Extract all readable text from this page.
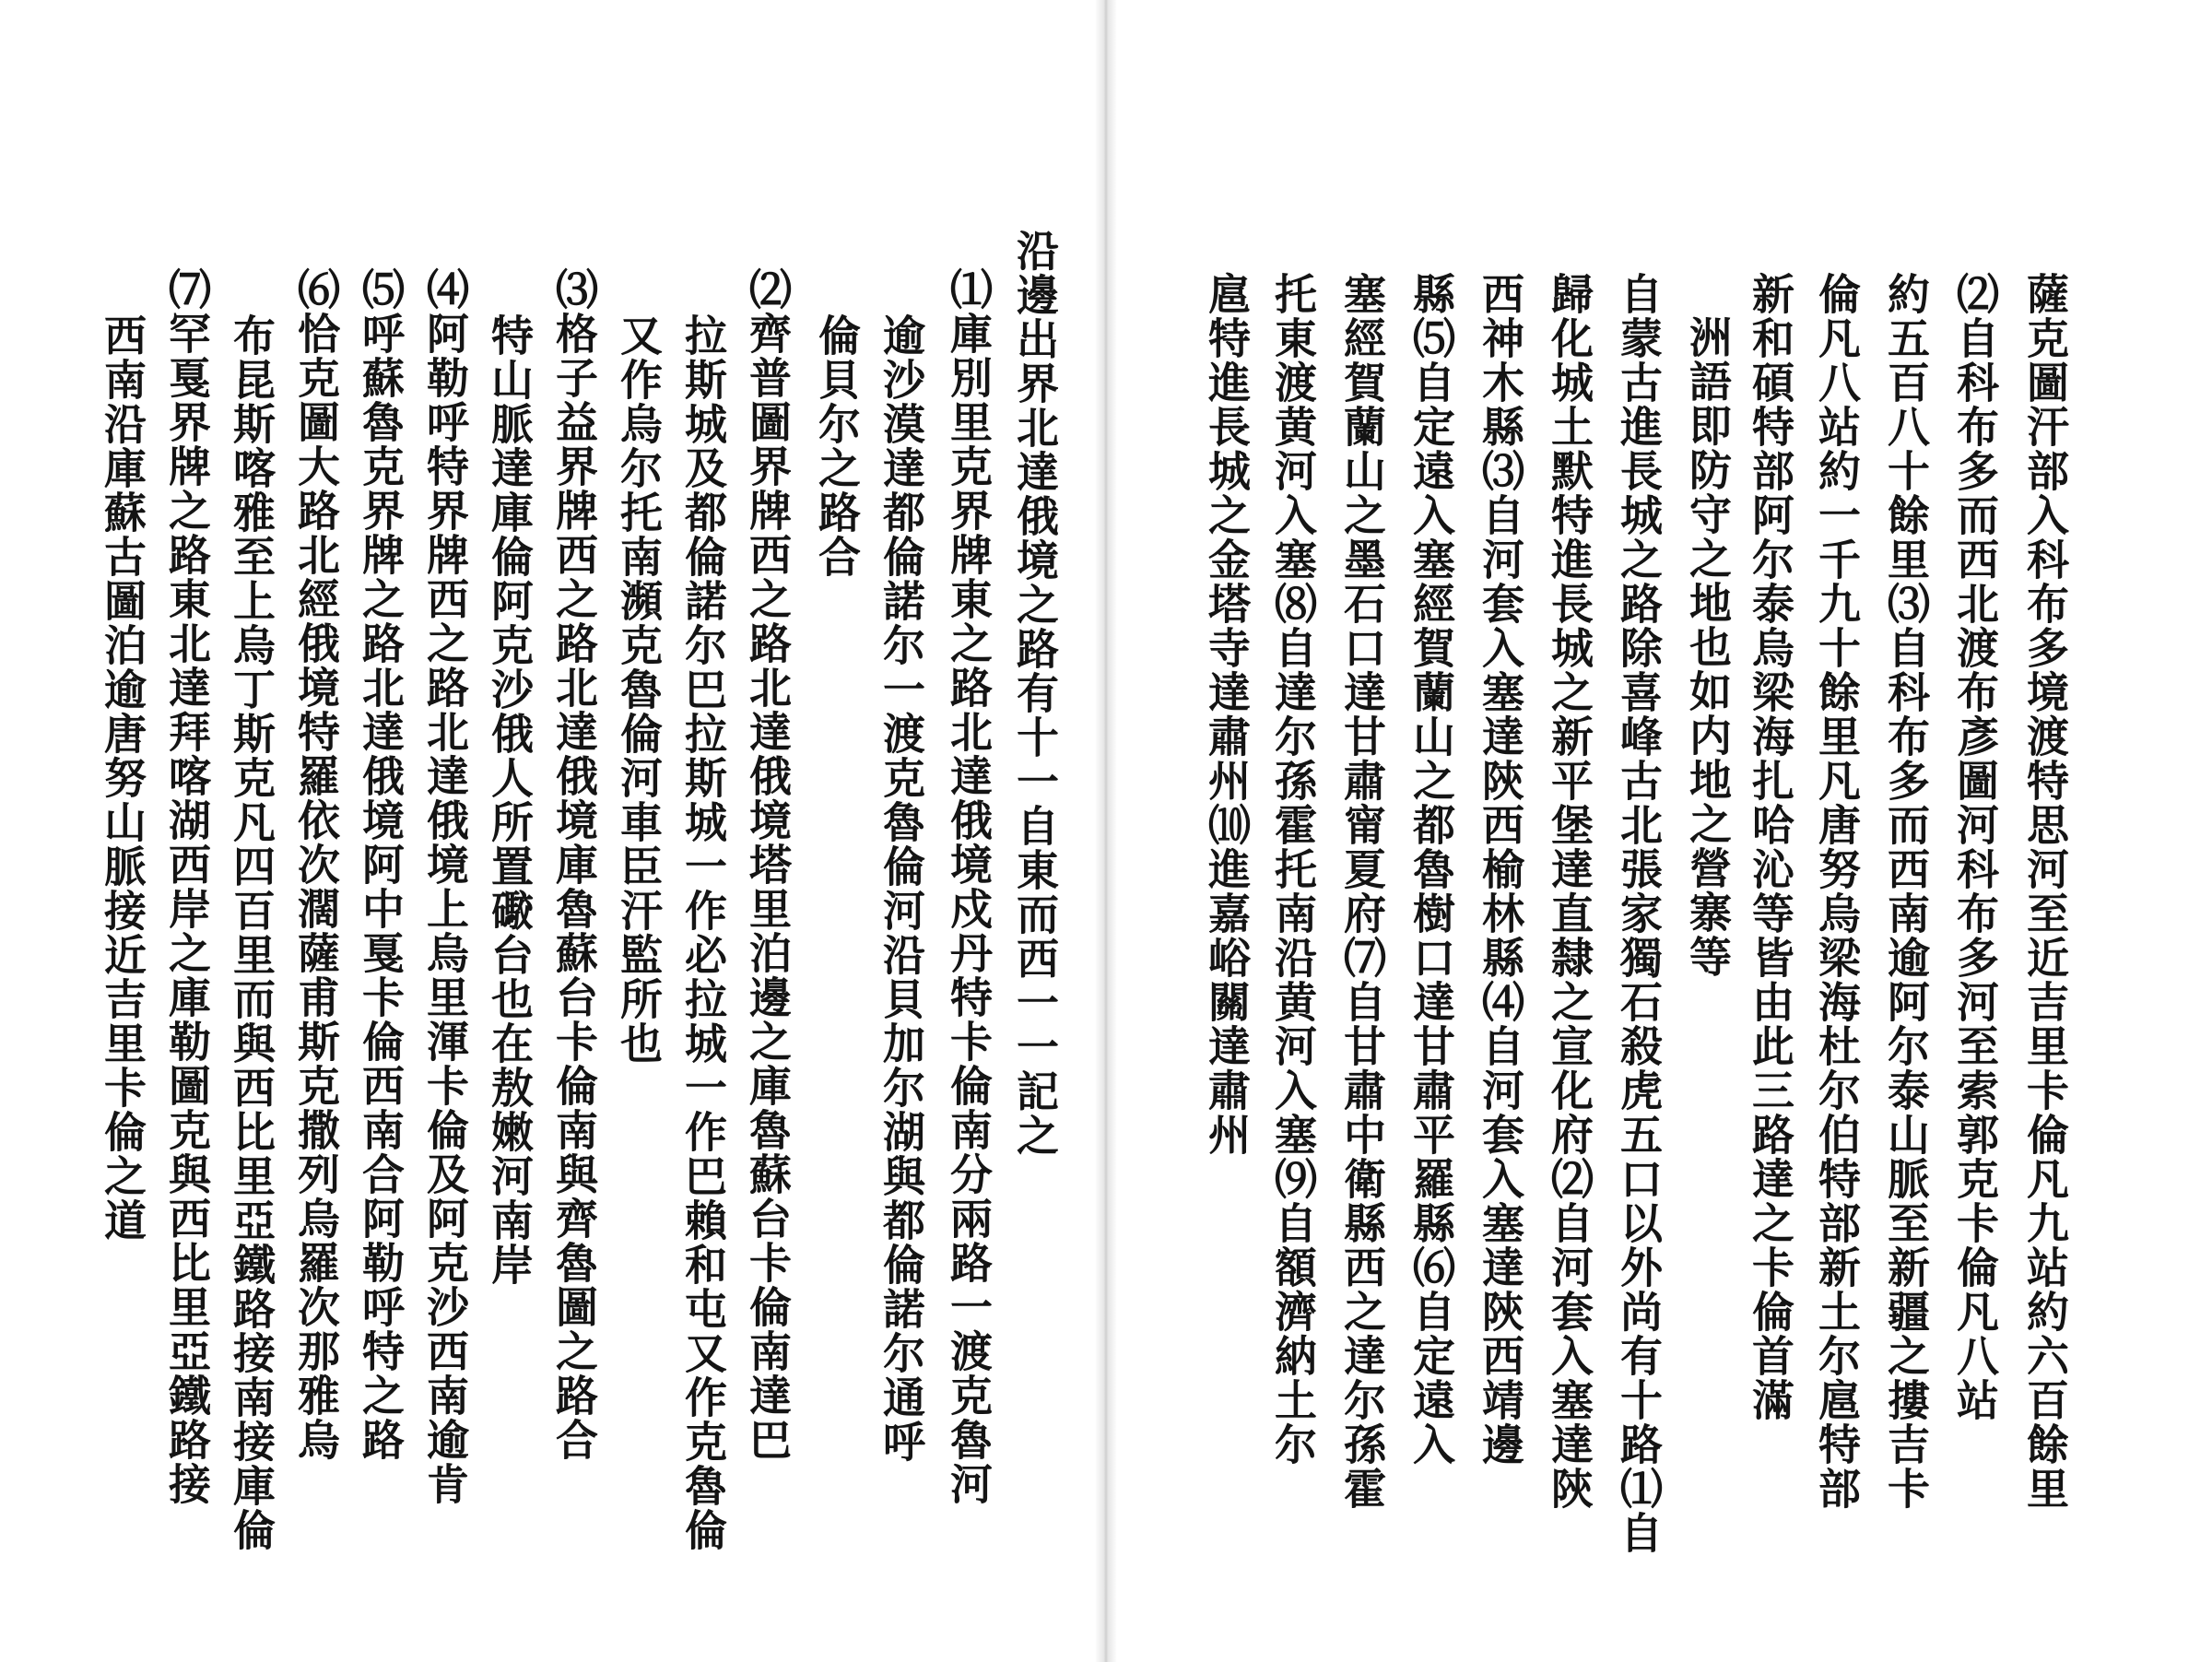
薩克圖汗部入科布多境渡特思河至近吉里卡倫凡九站約六百餘里
⑵自科布多而西北渡布彥圖河科布多河至索郭克卡倫凡八站
約五百八十餘里⑶自科布多而西南逾阿尔泰山脈至新疆之摟吉卡
倫凡八站約一千九十餘里凡唐努烏梁海杜尔伯特部新土尔扈特部
新和碩特部阿尔泰烏梁海扎哈沁等皆由此三路達之卡倫首滿
洲語即防守之地也如内地之營寨等
自蒙古進長城之路除喜峰古北張家獨石殺虎五口以外尚有十路⑴自
歸化城土默特進長城之新平堡達直隸之宣化府⑵自河套入塞達陝
西神木縣⑶自河套入塞達陝西榆林縣⑷自河套入塞達陝西靖邊
縣⑸自定遠入塞經賀蘭山之都魯樹口達甘肅平羅縣⑹自定遠入
塞經賀蘭山之墨石口達甘肅甯夏府⑺自甘肅中衛縣西之達尔孫霍
托東渡黄河入塞⑻自達尔孫霍托南沿黄河入塞⑼自額濟納土尔
扈特進長城之金塔寺達肅州⑽進嘉峪關達肅州
沿邊出界北達俄境之路有十一自東而西一一記之
⑴庫別里克界牌東之路北達俄境戍丹特卡倫南分兩路一渡克魯河
逾沙漠達都倫諾尔一渡克魯倫河沿貝加尔湖與都倫諾尔通呼
倫貝尔之路合
⑵齊普圖界牌西之路北達俄境塔里泊邊之庫魯蘇台卡倫南達巴
拉斯城及都倫諾尔巴拉斯城一作必拉城一作巴賴和屯又作克魯倫
又作烏尔托南瀕克魯倫河車臣汗監所也
⑶格子益界牌西之路北達俄境庫魯蘇台卡倫南與齊魯圖之路合
特山脈達庫倫阿克沙俄人所置礮台也在敖嫩河南岸
⑷阿勒呼特界牌西之路北達俄境上烏里渾卡倫及阿克沙西南逾肯
⑸呼蘇魯克界牌之路北達俄境阿中戛卡倫西南合阿勒呼特之路
⑹恰克圖大路北經俄境特羅依次濶薩甫斯克撒列烏羅次那雅烏
布昆斯喀雅至上烏丁斯克凡四百里而與西比里亞鐵路接南接庫倫
⑺罕戛界牌之路東北達拜喀湖西岸之庫勒圖克與西比里亞鐵路接
西南沿庫蘇古圖泊逾唐努山脈接近吉里卡倫之道
